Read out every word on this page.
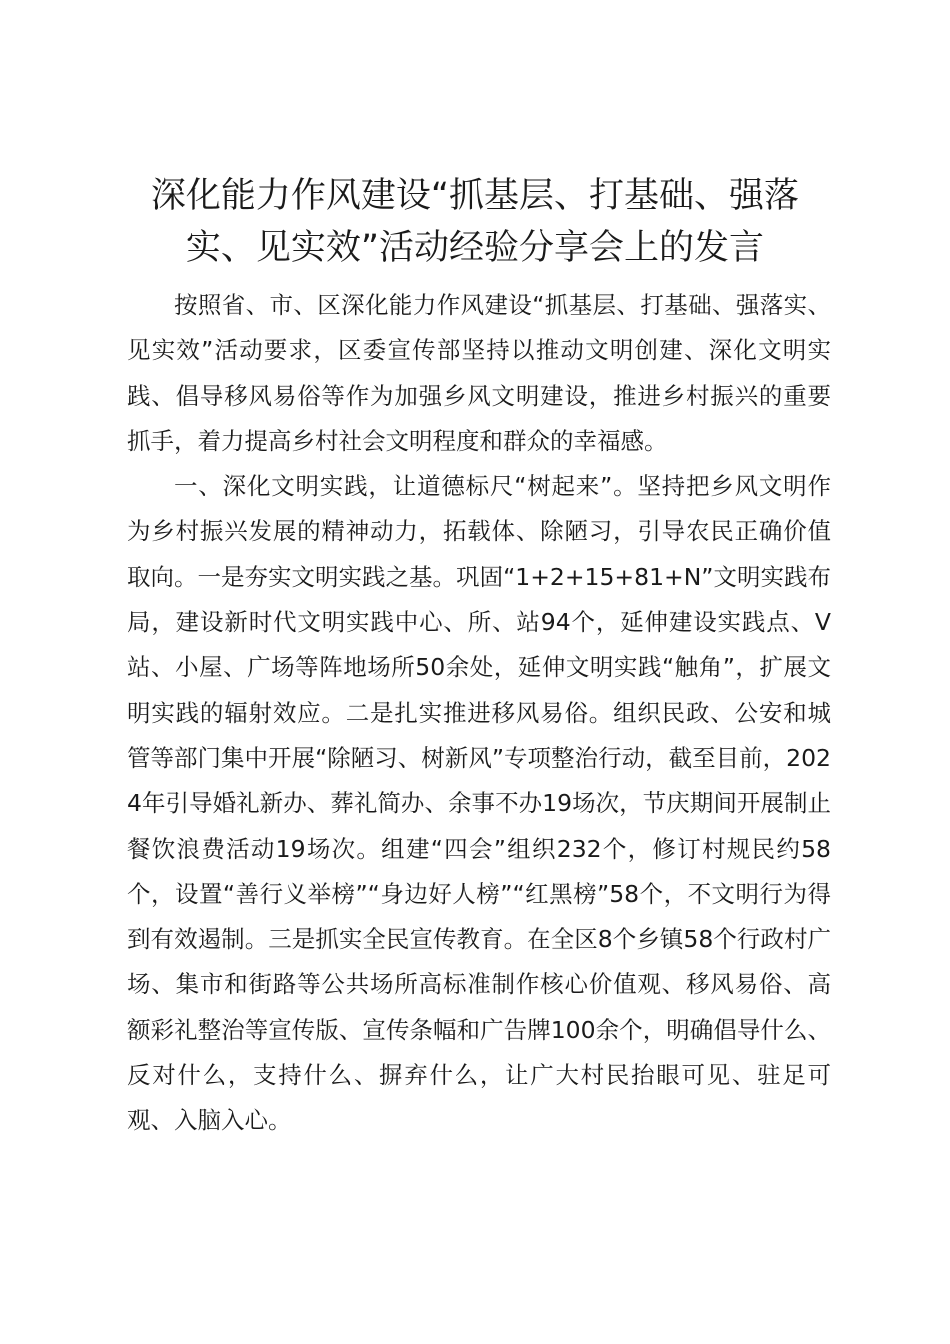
深化能力作风建设“抓基层、打基础、强落实、见实效”活动经验分享会上的发言

按照省、市、区深化能力作风建设“抓基层、打基础、强落实、见实效”活动要求，区委宣传部坚持以推动文明创建、深化文明实践、倡导移风易俗等作为加强乡风文明建设，推进乡村振兴的重要抓手，着力提高乡村社会文明程度和群众的幸福感。

一、深化文明实践，让道德标尺“树起来”。坚持把乡风文明作为乡村振兴发展的精神动力，拓载体、除陋习，引导农民正确价值取向。一是夯实文明实践之基。巩固“1+2+15+81+N”文明实践布局，建设新时代文明实践中心、所、站94个，延伸建设实践点、V站、小屋、广场等阵地场所50余处，延伸文明实践“触角”，扩展文明实践的辐射效应。二是扎实推进移风易俗。组织民政、公安和城管等部门集中开展“除陋习、树新风”专项整治行动，截至目前，2024年引导婚礼新办、葬礼简办、余事不办19场次，节庆期间开展制止餐饮浪费活动19场次。组建“四会”组织232个，修订村规民约58个，设置“善行义举榜”“身边好人榜”“红黑榜”58个，不文明行为得到有效遏制。三是抓实全民宣传教育。在全区8个乡镇58个行政村广场、集市和街路等公共场所高标准制作核心价值观、移风易俗、高额彩礼整治等宣传版、宣传条幅和广告牌100余个，明确倡导什么、反对什么，支持什么、摒弃什么，让广大村民抬眼可见、驻足可观、入脑入心。
